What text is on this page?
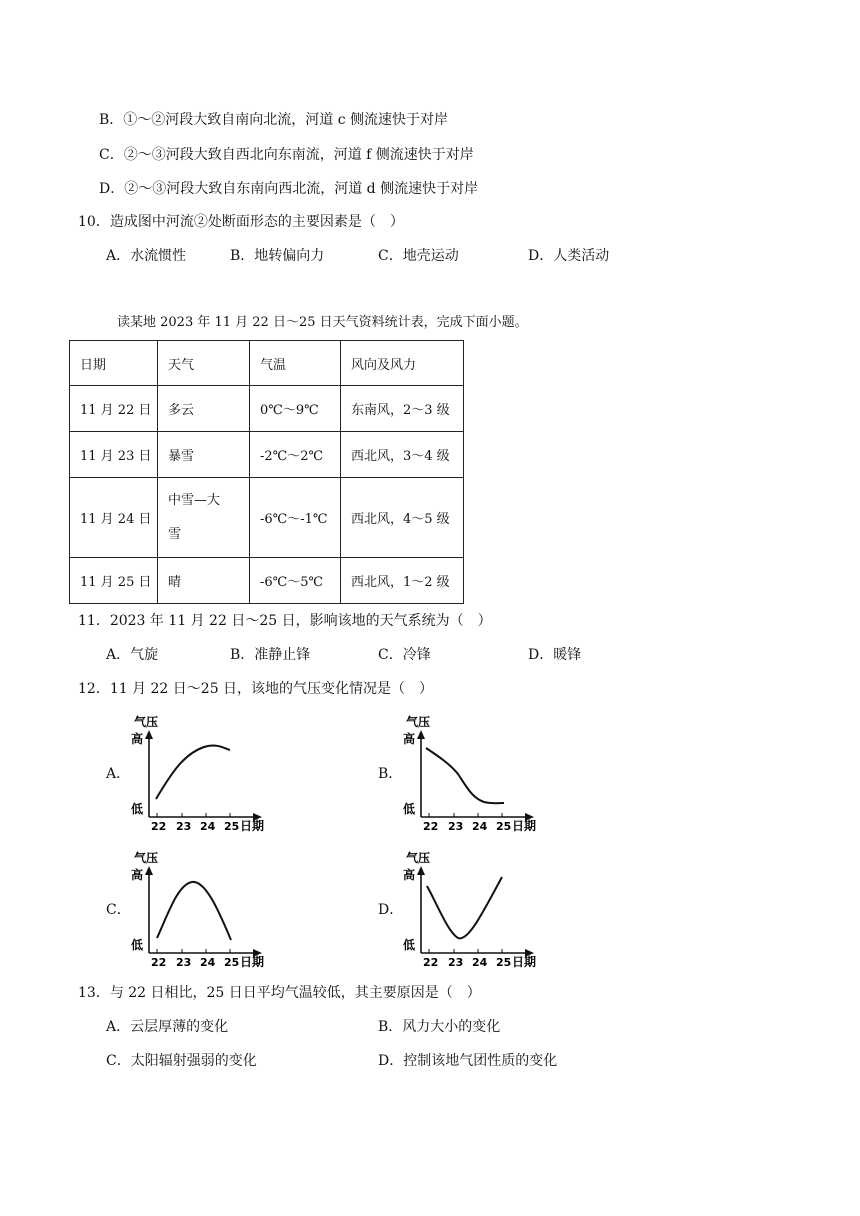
B．①～②河段大致自南向北流，河道 c 侧流速快于对岸
C．②～③河段大致自西北向东南流，河道 f 侧流速快于对岸
D．②～③河段大致自东南向西北流，河道 d 侧流速快于对岸
10．造成图中河流②处断面形态的主要因素是（　）
A．水流惯性	B．地转偏向力	C．地壳运动	D．人类活动
读某地 2023 年 11 月 22 日～25 日天气资料统计表，完成下面小题。
日期	天气	气温	风向及风力
11 月 22 日	多云	0℃～9℃	东南风，2～3 级
11 月 23 日	暴雪	-2℃～2℃	西北风，3～4 级
11 月 24 日	中雪—大雪	-6℃～-1℃	西北风，4～5 级
11 月 25 日	晴	-6℃～5℃	西北风，1～2 级
11．2023 年 11 月 22 日～25 日，影响该地的天气系统为（　）
A．气旋	B．准静止锋	C．冷锋	D．暖锋
12．11 月 22 日～25 日，该地的气压变化情况是（　）
A．
气压
高
低
22 23 24 25 日期
B．
气压
高
低
22 23 24 25 日期
C．
气压
高
低
22 23 24 25 日期
D．
气压
高
低
22 23 24 25 日期
13．与 22 日相比，25 日日平均气温较低，其主要原因是（　）
A．云层厚薄的变化	B．风力大小的变化
C．太阳辐射强弱的变化	D．控制该地气团性质的变化
